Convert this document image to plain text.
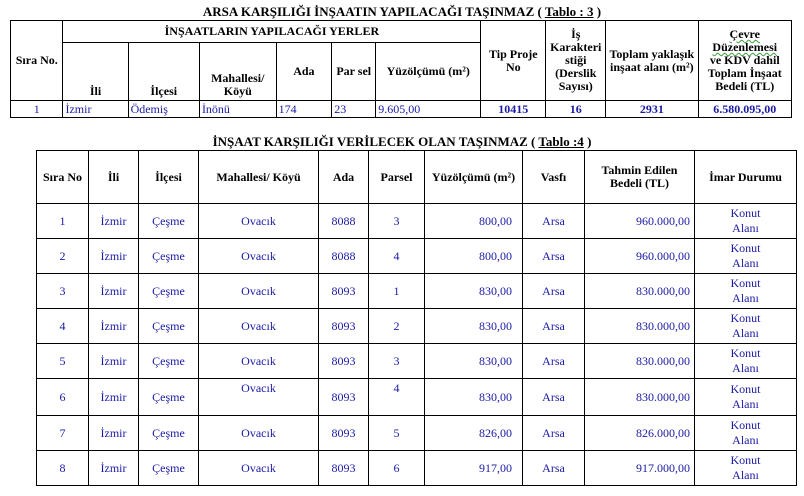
ARSA KARŞILIĞI İNŞAATIN YAPILACAĞI TAŞINMAZ ( Tablo : 3 )
Sıra No.	İNŞAATLARIN YAPILACAĞI YERLER						Tip Proje No	İş Karakteri stiği (Derslik Sayısı)	Toplam yaklaşık inşaat alanı (m²)	Çevre Düzenlemesi
ve KDV dahil Toplam İnşaat Bedeli (TL)
	İli	İlçesi	Mahallesi/ Köyü	Ada	Par sel	Yüzölçümü (m²)				
1	İzmir	Ödemiş	İnönü	174	23	9.605,00	10415	16	2931	6.580.095,00
İNŞAAT KARŞILIĞI VERİLECEK OLAN TAŞINMAZ ( Tablo :4 )
Sıra No	İli	İlçesi	Mahallesi/ Köyü	Ada	Parsel	Yüzölçümü (m²)	Vasfı	Tahmin Edilen Bedeli (TL)	İmar Durumu
1	İzmir	Çeşme	Ovacık	8088	3	800,00	Arsa	960.000,00	Konut Alanı
2	İzmir	Çeşme	Ovacık	8088	4	800,00	Arsa	960.000,00	Konut Alanı
3	İzmir	Çeşme	Ovacık	8093	1	830,00	Arsa	830.000,00	Konut Alanı
4	İzmir	Çeşme	Ovacık	8093	2	830,00	Arsa	830.000,00	Konut Alanı
5	İzmir	Çeşme	Ovacık	8093	3	830,00	Arsa	830.000,00	Konut Alanı
6	İzmir	Çeşme	Ovacık	8093	4	830,00	Arsa	830.000,00	Konut Alanı
7	İzmir	Çeşme	Ovacık	8093	5	826,00	Arsa	826.000,00	Konut Alanı
8	İzmir	Çeşme	Ovacık	8093	6	917,00	Arsa	917.000,00	Konut Alanı
